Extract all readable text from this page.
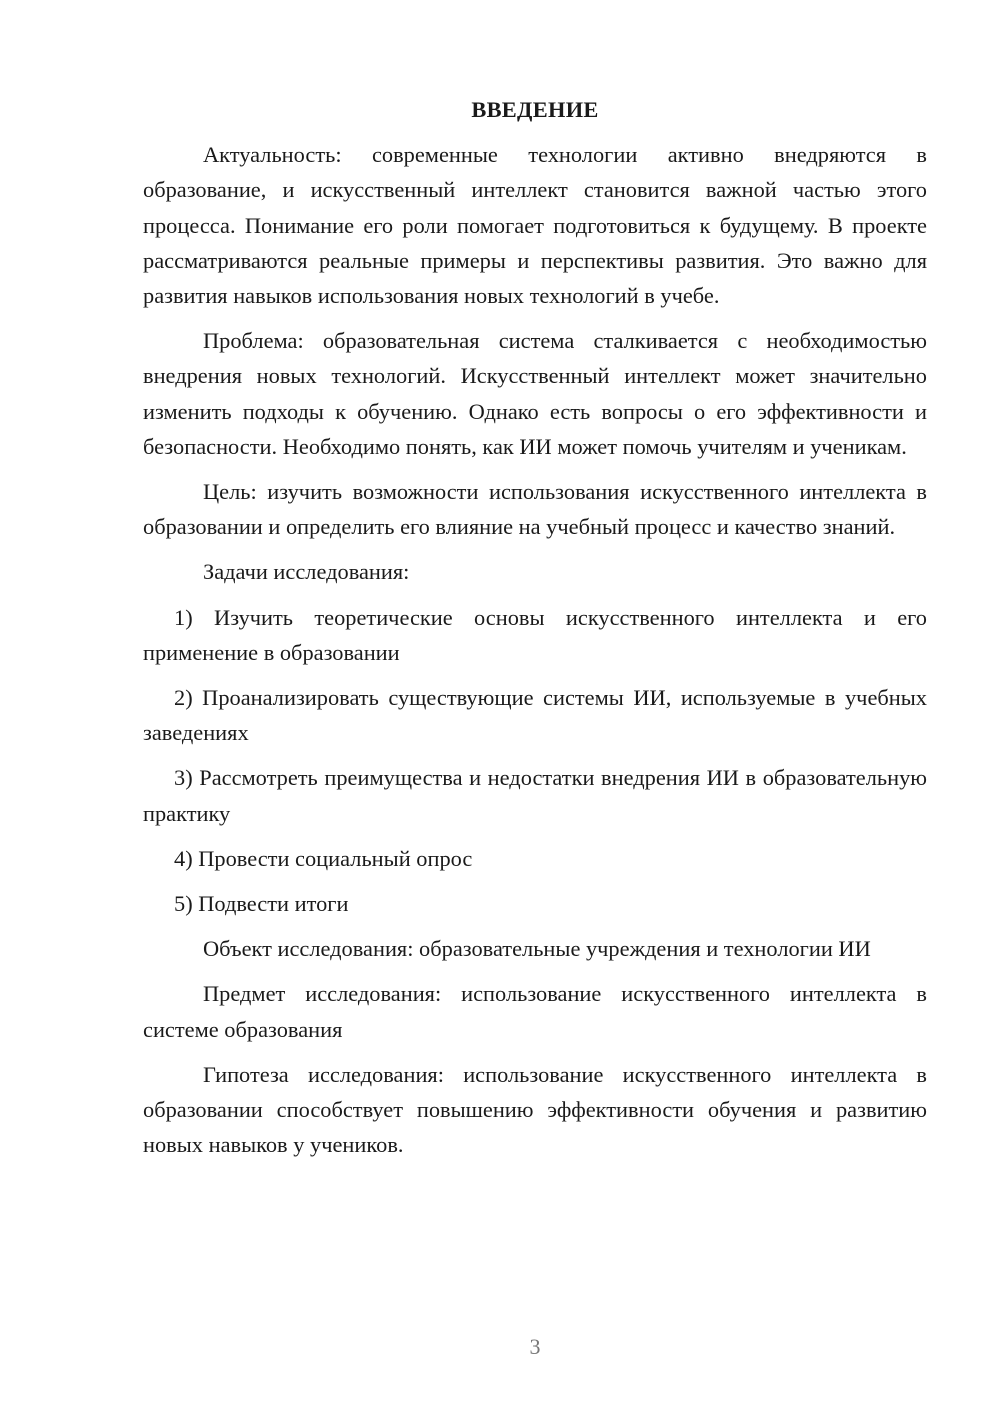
ВВЕДЕНИЕ

Актуальность: современные технологии активно внедряются в образование, и искусственный интеллект становится важной частью этого процесса. Понимание его роли помогает подготовиться к будущему. В проекте рассматриваются реальные примеры и перспективы развития. Это важно для развития навыков использования новых технологий в учебе.

Проблема: образовательная система сталкивается с необходимостью внедрения новых технологий. Искусственный интеллект может значительно изменить подходы к обучению. Однако есть вопросы о его эффективности и безопасности. Необходимо понять, как ИИ может помочь учителям и ученикам.

Цель: изучить возможности использования искусственного интеллекта в образовании и определить его влияние на учебный процесс и качество знаний.

Задачи исследования:

1) Изучить теоретические основы искусственного интеллекта и его применение в образовании

2) Проанализировать существующие системы ИИ, используемые в учебных заведениях

3) Рассмотреть преимущества и недостатки внедрения ИИ в образовательную практику

4) Провести социальный опрос

5) Подвести итоги

Объект исследования: образовательные учреждения и технологии ИИ

Предмет исследования: использование искусственного интеллекта в системе образования

Гипотеза исследования: использование искусственного интеллекта в образовании способствует повышению эффективности обучения и развитию новых навыков у учеников.

3
